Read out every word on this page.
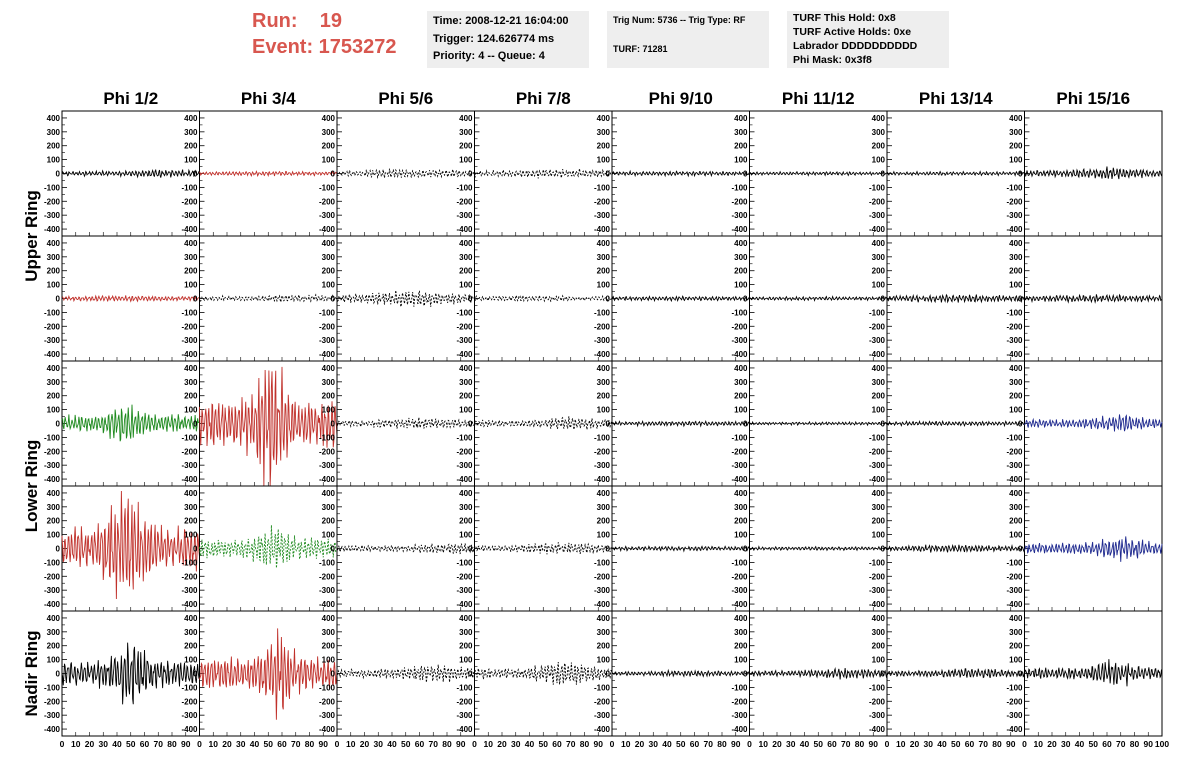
Run:    19
Event: 1753272
Time: 2008-12-21 16:04:00
Trigger: 124.626774 ms
Priority: 4 -- Queue: 4
Trig Num: 5736 -- Trig Type: RF
TURF: 71281
TURF This Hold: 0x8
TURF Active Holds: 0xe
Labrador DDDDDDDDDD
Phi Mask: 0x3f8
Phi 1/2	Phi 3/4	Phi 5/6	Phi 7/8	Phi 9/10	Phi 11/12	Phi 13/14	Phi 15/16
Upper Ring
Lower Ring
Nadir Ring
400
300
200
100
0
-100
-200
-300
-400
400
300
200
100
0
-100
-200
-300
-400
400
300
200
100
0
-100
-200
-300
-400
400
300
200
100
0
-100
-200
-300
-400
400
300
200
100
0
-100
-200
-300
-400
400
300
200
100
0
-100
-200
-300
-400
400
300
200
100
0
-100
-200
-300
-400
400
300
200
100
0
-100
-200
-300
-400
400
300
200
100
0
-100
-200
-300
-400
400
300
200
100
0
-100
-200
-300
-400
400
300
200
100
0
-100
-200
-300
-400
400
300
200
100
0
-100
-200
-300
-400
400
300
200
100
0
-100
-200
-300
-400
400
300
200
100
0
-100
-200
-300
-400
400
300
200
100
0
-100
-200
-300
-400
400
300
200
100
0
-100
-200
-300
-400
400
300
200
100
0
-100
-200
-300
-400
400
300
200
100
0
-100
-200
-300
-400
400
300
200
100
0
-100
-200
-300
-400
400
300
200
100
0
-100
-200
-300
-400
400
300
200
100
0
-100
-200
-300
-400
400
300
200
100
0
-100
-200
-300
-400
400
300
200
100
0
-100
-200
-300
-400
400
300
200
100
0
-100
-200
-300
-400
400
300
200
100
0
-100
-200
-300
-400
400
300
200
100
0
-100
-200
-300
-400
400
300
200
100
0
-100
-200
-300
-400
400
300
200
100
0
-100
-200
-300
-400
400
300
200
100
0
-100
-200
-300
-400
400
300
200
100
0
-100
-200
-300
-400
400
300
200
100
0
-100
-200
-300
-400
400
300
200
100
0
-100
-200
-300
-400
400
300
200
100
0
-100
-200
-300
-400
400
300
200
100
0
-100
-200
-300
-400
400
300
200
100
0
-100
-200
-300
-400
400
300
200
100
0
-100
-200
-300
-400
400
300
200
100
0
-100
-200
-300
-400
400
300
200
100
0
-100
-200
-300
-400
400
300
200
100
0
-100
-200
-300
-400
400
300
200
100
0
-100
-200
-300
-400
0 10 20 30 40 50 60 70 80 90 0 10 20 30 40 50 60 70 80 90 0 10 20 30 40 50 60 70 80 90 0 10 20 30 40 50 60 70 80 90 0 10 20 30 40 50 60 70 80 90 0 10 20 30 40 50 60 70 80 90 0 10 20 30 40 50 60 70 80 90 0 10 20 30 40 50 60 70 80 90 100
